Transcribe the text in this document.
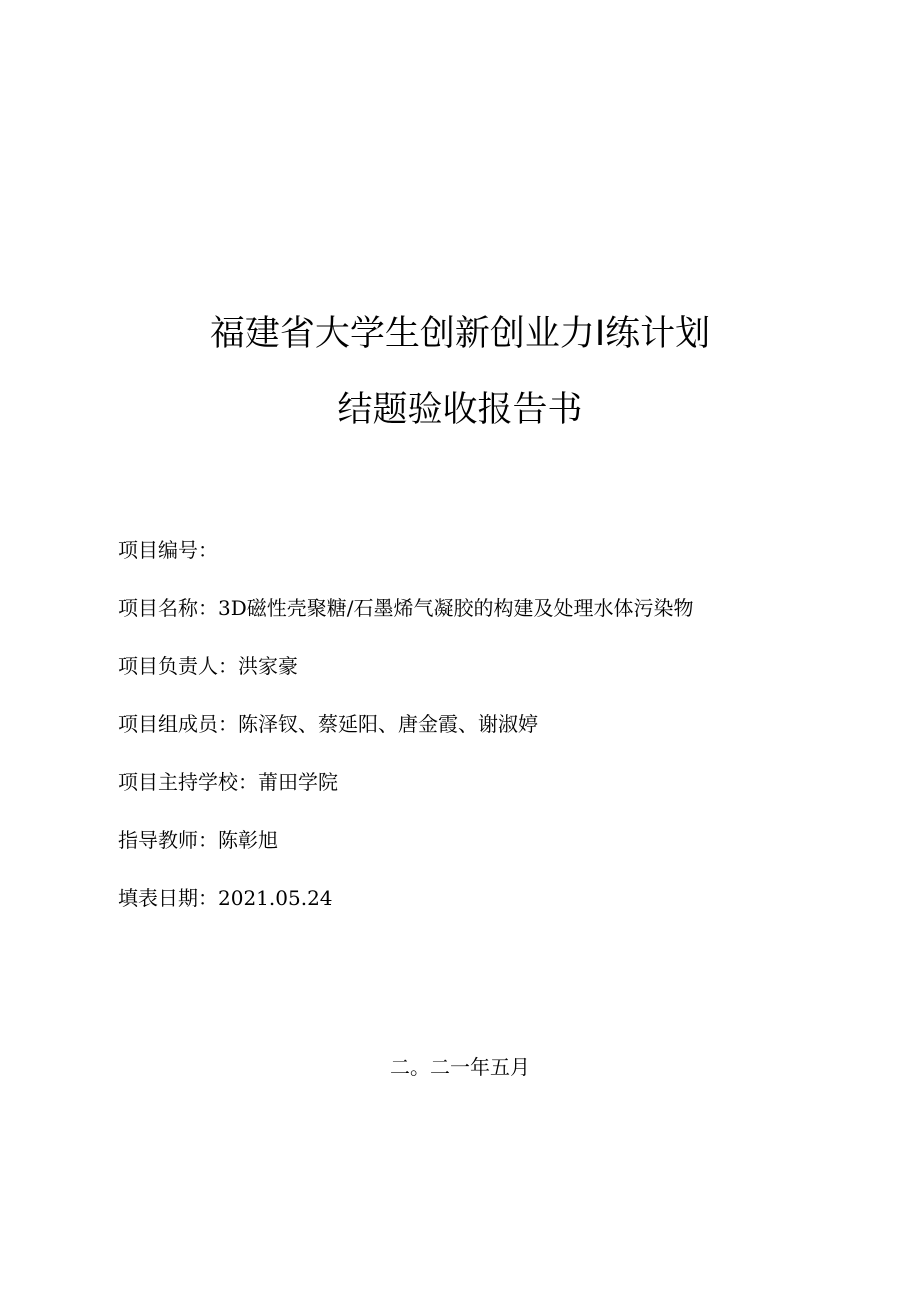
福建省大学生创新创业力Ⅰ练计划
结题验收报告书
项目编号：
项目名称：3D磁性壳聚糖/石墨烯气凝胶的构建及处理水体污染物
项目负责人：洪家豪
项目组成员：陈泽钗、蔡延阳、唐金霞、谢淑婷
项目主持学校：莆田学院
指导教师：陈彰旭
填表日期：2021.05.24

二。二一年五月
